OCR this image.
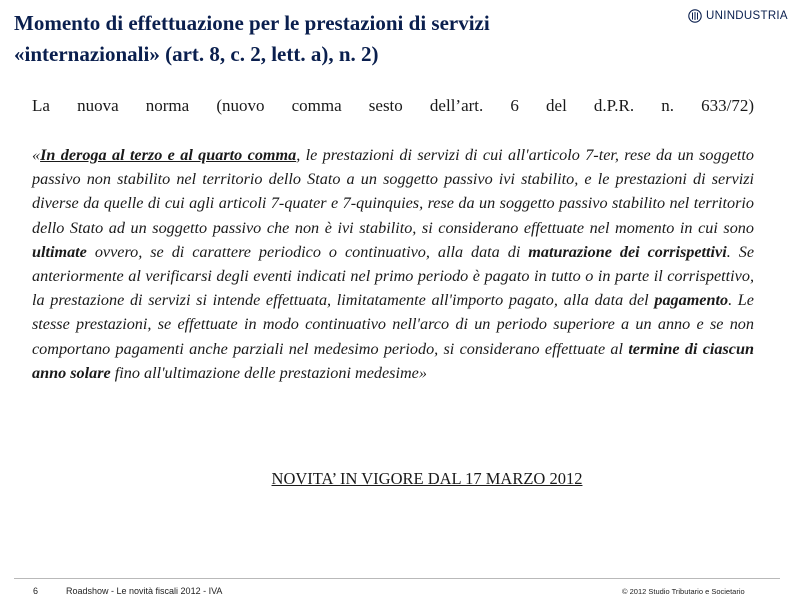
Momento di effettuazione per le prestazioni di servizi
«internazionali» (art. 8, c. 2, lett. a), n. 2)
UNINDUSTRIA

La nuova norma (nuovo comma sesto dell’art. 6 del d.P.R. n. 633/72)

«In deroga al terzo e al quarto comma, le prestazioni di servizi di cui all'articolo 7-ter, rese da un soggetto passivo non stabilito nel territorio dello Stato a un soggetto passivo ivi stabilito, e le prestazioni di servizi diverse da quelle di cui agli articoli 7-quater e 7-quinquies, rese da un soggetto passivo stabilito nel territorio dello Stato ad un soggetto passivo che non è ivi stabilito, si considerano effettuate nel momento in cui sono ultimate ovvero, se di carattere periodico o continuativo, alla data di maturazione dei corrispettivi. Se anteriormente al verificarsi degli eventi indicati nel primo periodo è pagato in tutto o in parte il corrispettivo, la prestazione di servizi si intende effettuata, limitatamente all'importo pagato, alla data del pagamento. Le stesse prestazioni, se effettuate in modo continuativo nell'arco di un periodo superiore a un anno e se non comportano pagamenti anche parziali nel medesimo periodo, si considerano effettuate al termine di ciascun anno solare fino all'ultimazione delle prestazioni medesime»

NOVITA’ IN VIGORE DAL 17 MARZO 2012

6	Roadshow - Le novità fiscali 2012 - IVA	© 2012 Studio Tributario e Societario
